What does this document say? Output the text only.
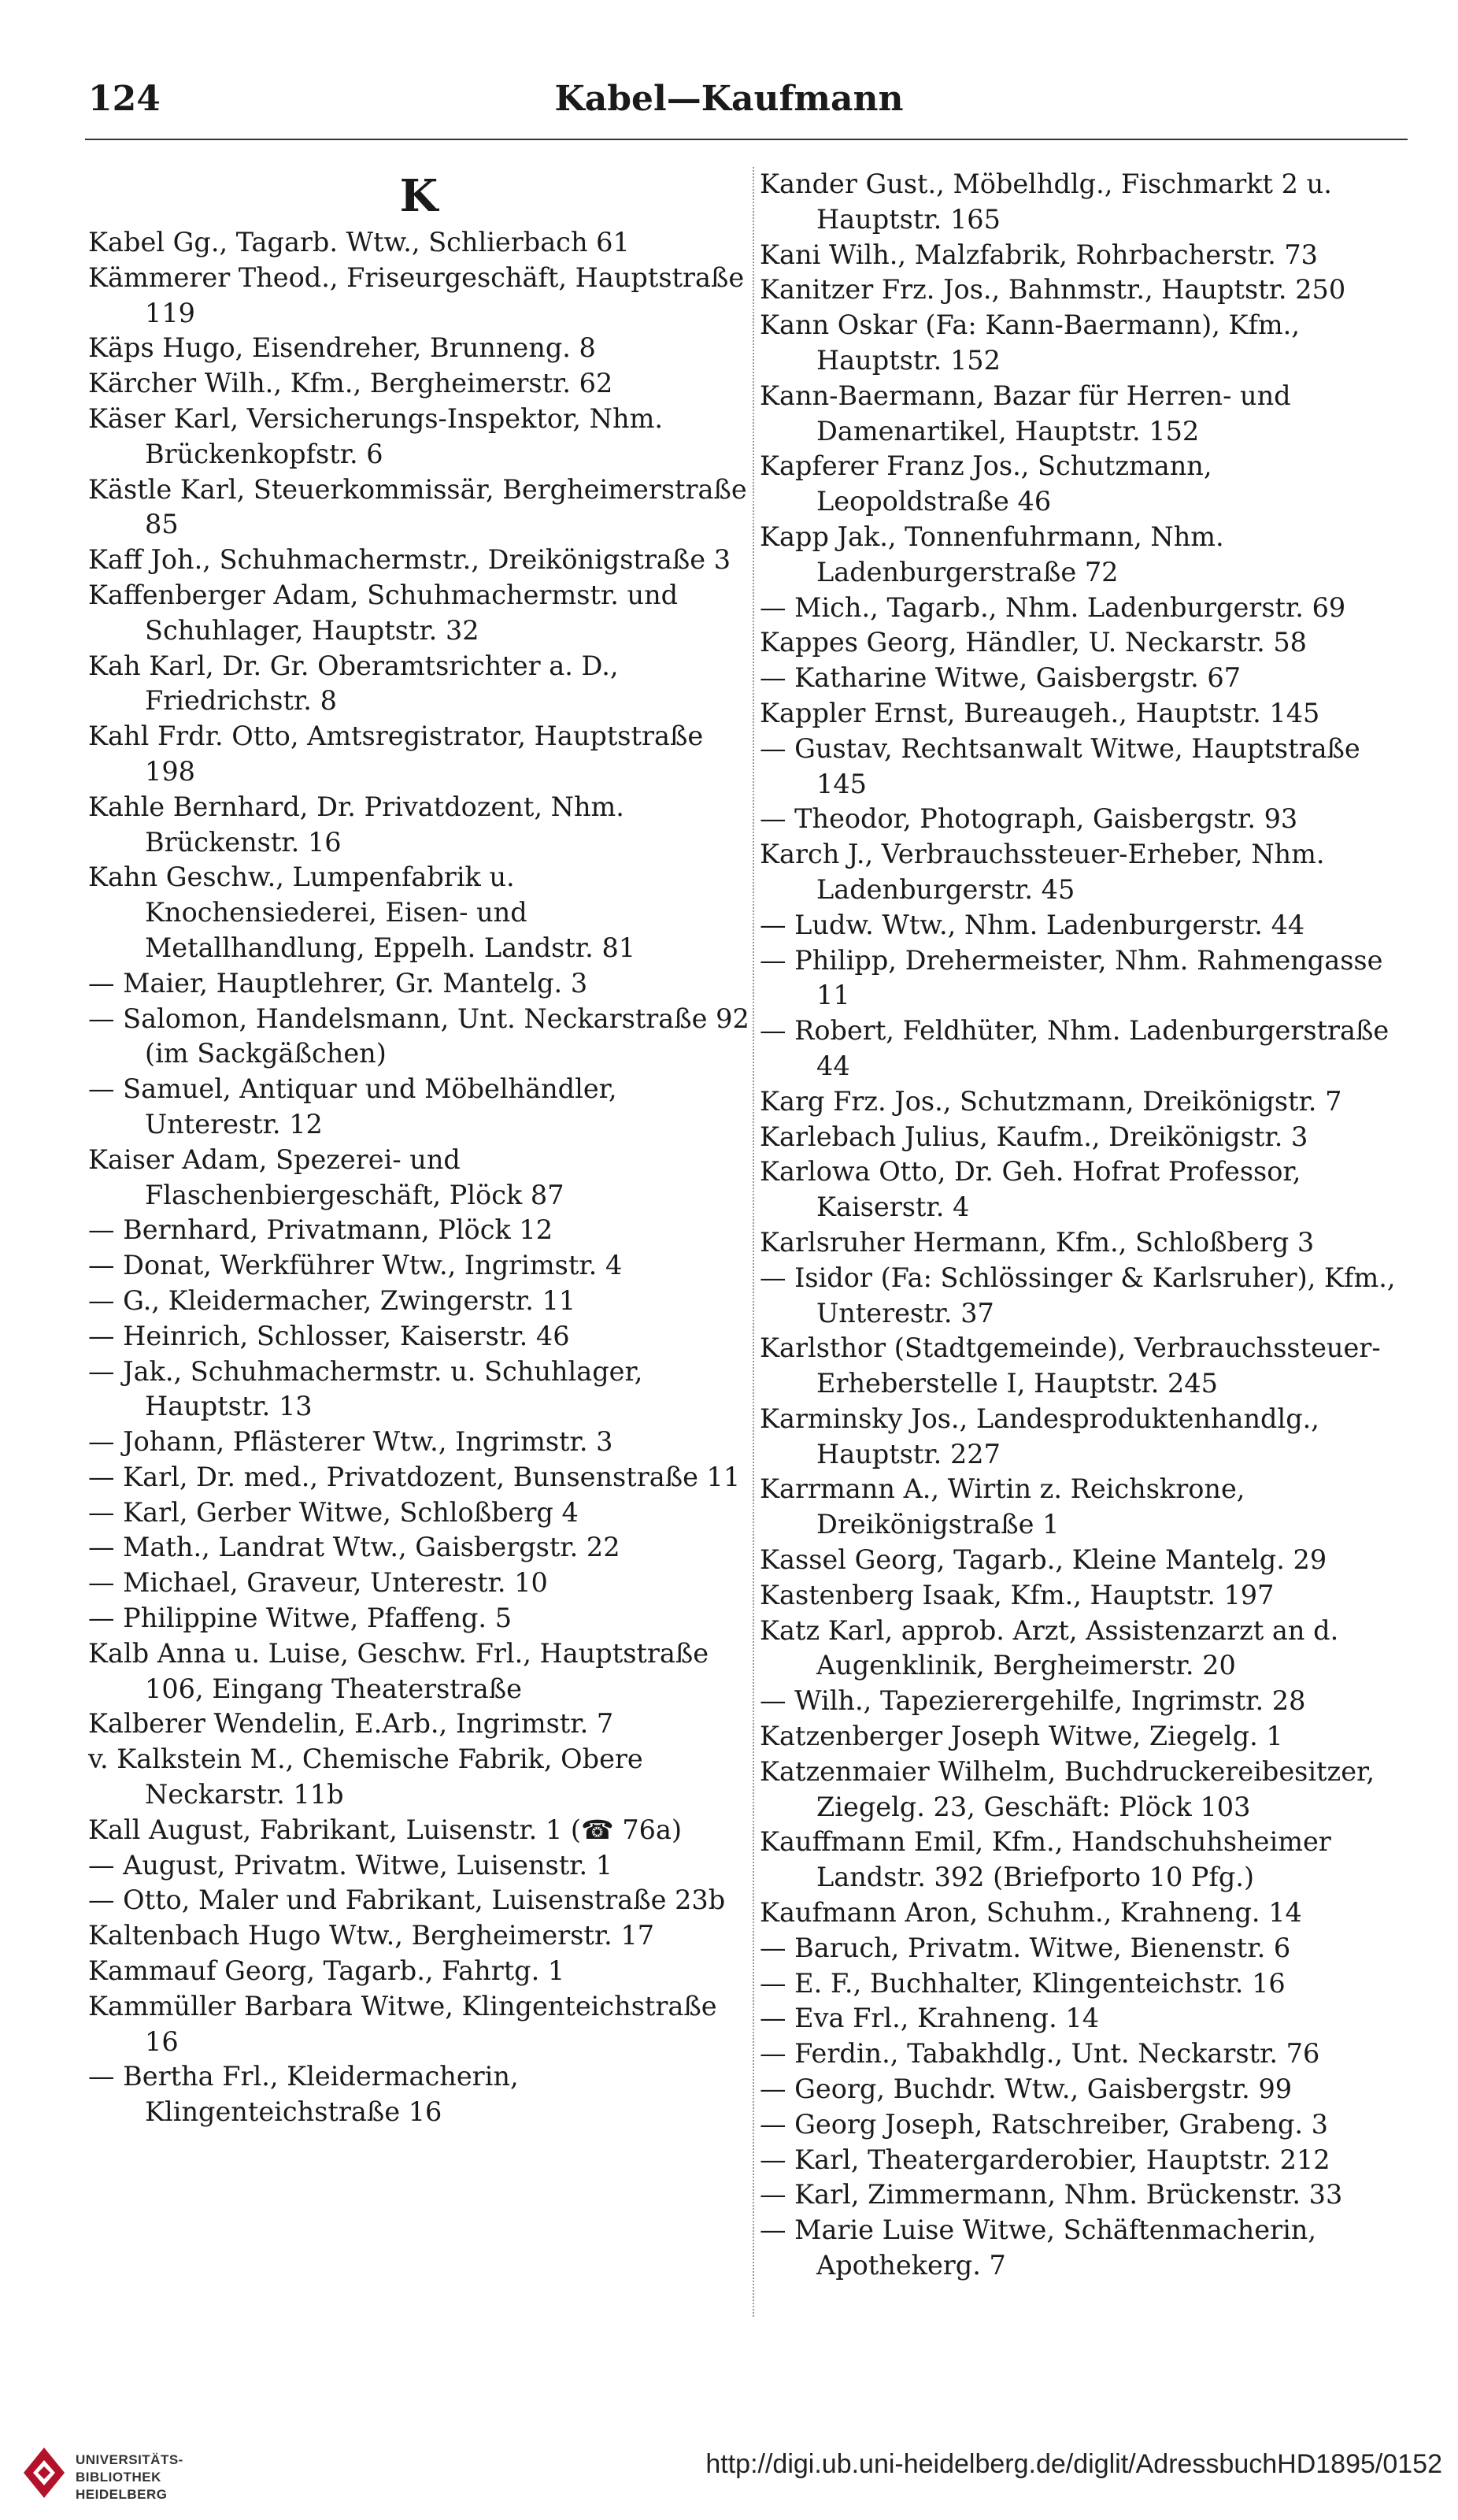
124	Kabel—Kaufmann
K
Kabel Gg., Tagarb. Wtw., Schlierbach 61
Kämmerer Theod., Friseurgeschäft, Hauptstraße 119
Käps Hugo, Eisendreher, Brunneng. 8
Kärcher Wilh., Kfm., Bergheimerstr. 62
Käser Karl, Versicherungs-Inspektor, Nhm. Brückenkopfstr. 6
Kästle Karl, Steuerkommissär, Bergheimerstraße 85
Kaff Joh., Schuhmachermstr., Dreikönigstraße 3
Kaffenberger Adam, Schuhmachermstr. und Schuhlager, Hauptstr. 32
Kah Karl, Dr. Gr. Oberamtsrichter a. D., Friedrichstr. 8
Kahl Frdr. Otto, Amtsregistrator, Hauptstraße 198
Kahle Bernhard, Dr. Privatdozent, Nhm. Brückenstr. 16
Kahn Geschw., Lumpenfabrik u. Knochensiederei, Eisen- und Metallhandlung, Eppelh. Landstr. 81
— Maier, Hauptlehrer, Gr. Mantelg. 3
— Salomon, Handelsmann, Unt. Neckarstraße 92 (im Sackgäßchen)
— Samuel, Antiquar und Möbelhändler, Unterestr. 12
Kaiser Adam, Spezerei- und Flaschenbiergeschäft, Plöck 87
— Bernhard, Privatmann, Plöck 12
— Donat, Werkführer Wtw., Ingrimstr. 4
— G., Kleidermacher, Zwingerstr. 11
— Heinrich, Schlosser, Kaiserstr. 46
— Jak., Schuhmachermstr. u. Schuhlager, Hauptstr. 13
— Johann, Pflästerer Wtw., Ingrimstr. 3
— Karl, Dr. med., Privatdozent, Bunsenstraße 11
— Karl, Gerber Witwe, Schloßberg 4
— Math., Landrat Wtw., Gaisbergstr. 22
— Michael, Graveur, Unterestr. 10
— Philippine Witwe, Pfaffeng. 5
Kalb Anna u. Luise, Geschw. Frl., Hauptstraße 106, Eingang Theaterstraße
Kalberer Wendelin, E.Arb., Ingrimstr. 7
v. Kalkstein M., Chemische Fabrik, Obere Neckarstr. 11b
Kall August, Fabrikant, Luisenstr. 1 (☎ 76a)
— August, Privatm. Witwe, Luisenstr. 1
— Otto, Maler und Fabrikant, Luisenstraße 23b
Kaltenbach Hugo Wtw., Bergheimerstr. 17
Kammauf Georg, Tagarb., Fahrtg. 1
Kammüller Barbara Witwe, Klingenteichstraße 16
— Bertha Frl., Kleidermacherin, Klingenteichstraße 16
Kander Gust., Möbelhdlg., Fischmarkt 2 u. Hauptstr. 165
Kani Wilh., Malzfabrik, Rohrbacherstr. 73
Kanitzer Frz. Jos., Bahnmstr., Hauptstr. 250
Kann Oskar (Fa: Kann-Baermann), Kfm., Hauptstr. 152
Kann-Baermann, Bazar für Herren- und Damenartikel, Hauptstr. 152
Kapferer Franz Jos., Schutzmann, Leopoldstraße 46
Kapp Jak., Tonnenfuhrmann, Nhm. Ladenburgerstraße 72
— Mich., Tagarb., Nhm. Ladenburgerstr. 69
Kappes Georg, Händler, U. Neckarstr. 58
— Katharine Witwe, Gaisbergstr. 67
Kappler Ernst, Bureaugeh., Hauptstr. 145
— Gustav, Rechtsanwalt Witwe, Hauptstraße 145
— Theodor, Photograph, Gaisbergstr. 93
Karch J., Verbrauchssteuer-Erheber, Nhm. Ladenburgerstr. 45
— Ludw. Wtw., Nhm. Ladenburgerstr. 44
— Philipp, Drehermeister, Nhm. Rahmengasse 11
— Robert, Feldhüter, Nhm. Ladenburgerstraße 44
Karg Frz. Jos., Schutzmann, Dreikönigstr. 7
Karlebach Julius, Kaufm., Dreikönigstr. 3
Karlowa Otto, Dr. Geh. Hofrat Professor, Kaiserstr. 4
Karlsruher Hermann, Kfm., Schloßberg 3
— Isidor (Fa: Schlössinger & Karlsruher), Kfm., Unterestr. 37
Karlsthor (Stadtgemeinde), Verbrauchssteuer-Erheberstelle I, Hauptstr. 245
Karminsky Jos., Landesproduktenhandlg., Hauptstr. 227
Karrmann A., Wirtin z. Reichskrone, Dreikönigstraße 1
Kassel Georg, Tagarb., Kleine Mantelg. 29
Kastenberg Isaak, Kfm., Hauptstr. 197
Katz Karl, approb. Arzt, Assistenzarzt an d. Augenklinik, Bergheimerstr. 20
— Wilh., Tapezierergehilfe, Ingrimstr. 28
Katzenberger Joseph Witwe, Ziegelg. 1
Katzenmaier Wilhelm, Buchdruckereibesitzer, Ziegelg. 23, Geschäft: Plöck 103
Kauffmann Emil, Kfm., Handschuhsheimer Landstr. 392 (Briefporto 10 Pfg.)
Kaufmann Aron, Schuhm., Krahneng. 14
— Baruch, Privatm. Witwe, Bienenstr. 6
— E. F., Buchhalter, Klingenteichstr. 16
— Eva Frl., Krahneng. 14
— Ferdin., Tabakhdlg., Unt. Neckarstr. 76
— Georg, Buchdr. Wtw., Gaisbergstr. 99
— Georg Joseph, Ratschreiber, Grabeng. 3
— Karl, Theatergarderobier, Hauptstr. 212
— Karl, Zimmermann, Nhm. Brückenstr. 33
— Marie Luise Witwe, Schäftenmacherin, Apothekerg. 7
UNIVERSITÄTS-
BIBLIOTHEK
HEIDELBERG
http://digi.ub.uni-heidelberg.de/diglit/AdressbuchHD1895/0152
